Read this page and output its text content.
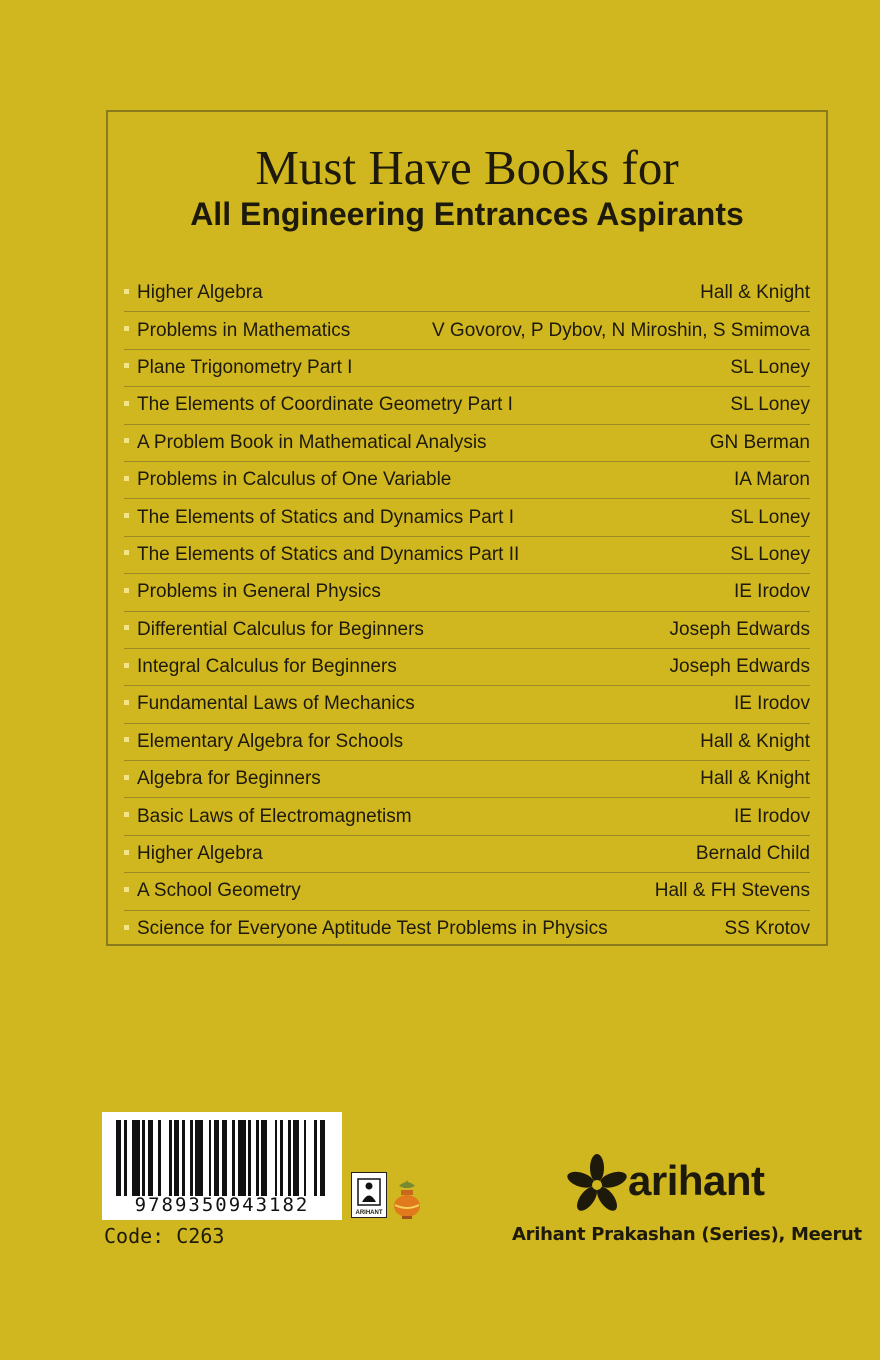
Must Have Books for
All Engineering Entrances Aspirants
Higher Algebra	Hall & Knight
Problems in Mathematics	V Govorov, P Dybov, N Miroshin, S Smimova
Plane Trigonometry Part I	SL Loney
The Elements of Coordinate Geometry Part I	SL Loney
A Problem Book in Mathematical Analysis	GN Berman
Problems in Calculus of One Variable	IA Maron
The Elements of Statics and Dynamics Part I	SL Loney
The Elements of Statics and Dynamics Part II	SL Loney
Problems in General Physics	IE Irodov
Differential Calculus for Beginners	Joseph Edwards
Integral Calculus for Beginners	Joseph Edwards
Fundamental Laws of Mechanics	IE Irodov
Elementary Algebra for Schools	Hall & Knight
Algebra for Beginners	Hall & Knight
Basic Laws of Electromagnetism	IE Irodov
Higher Algebra	Bernald Child
A School Geometry	Hall & FH Stevens
Science for Everyone Aptitude Test Problems in Physics	SS Krotov
9789350943182
Code: C263
ARIHANT
arihant
Arihant Prakashan (Series), Meerut
